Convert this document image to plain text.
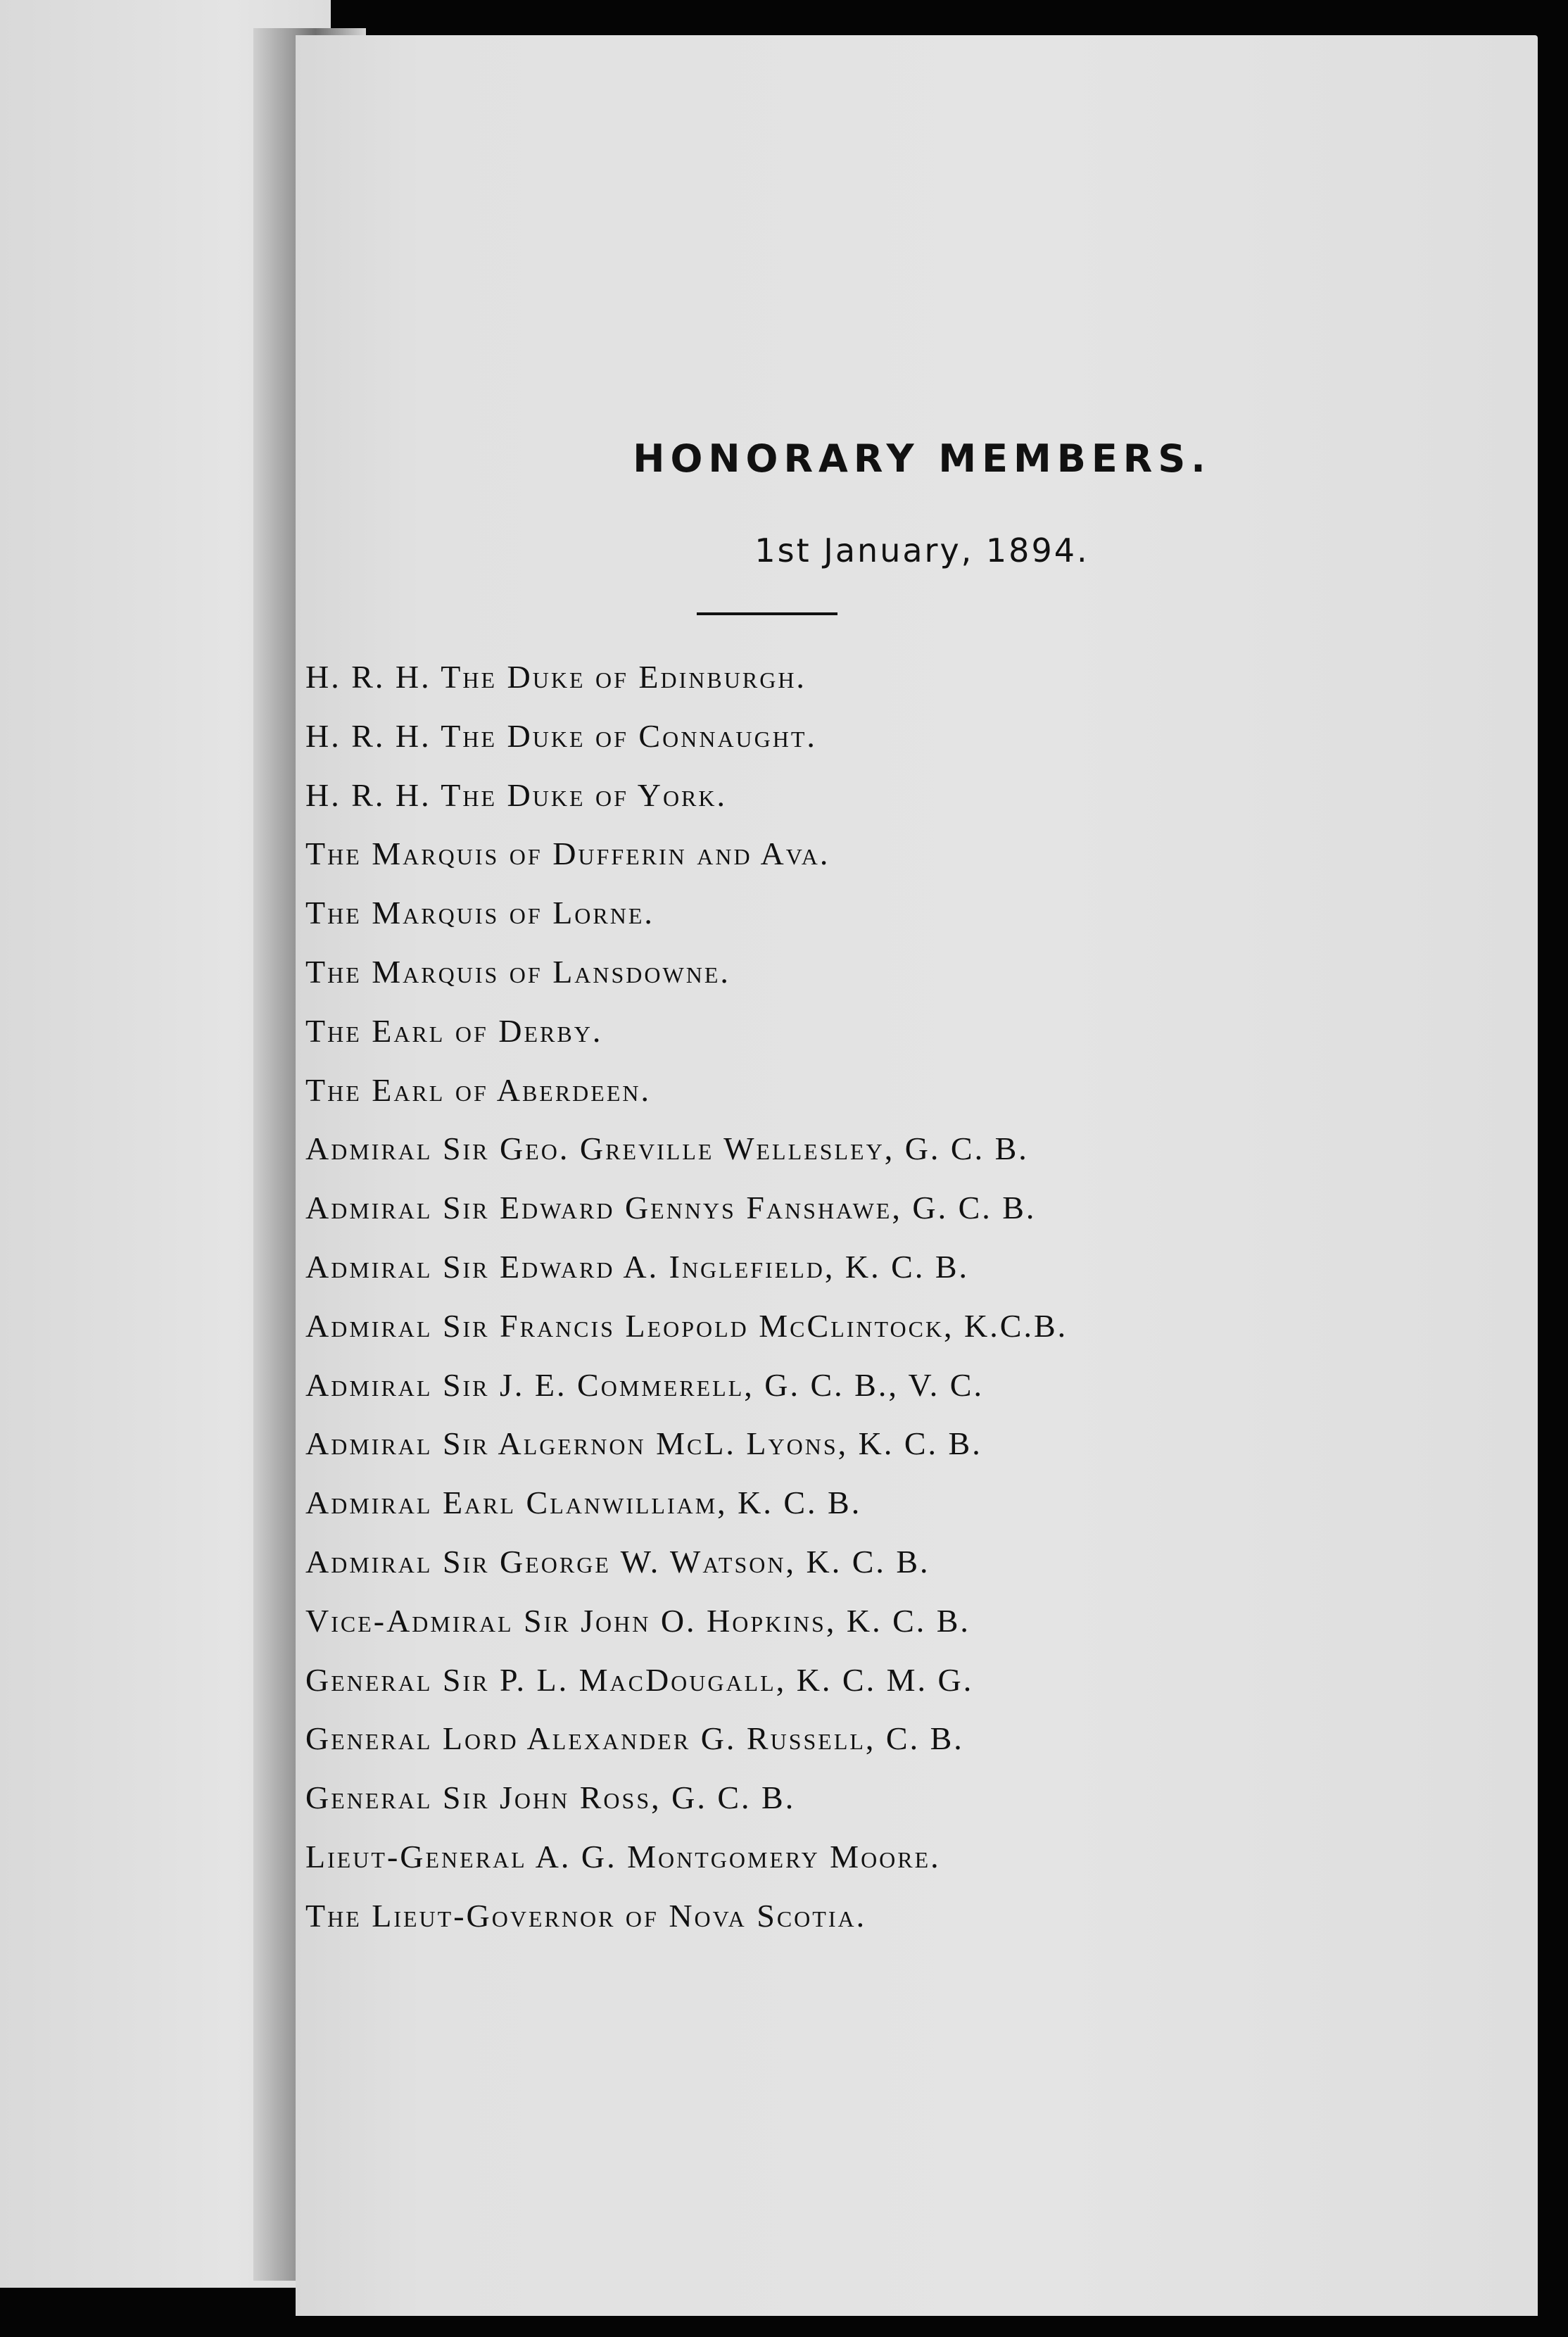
HONORARY MEMBERS.

1st January, 1894.

H. R. H. The Duke of Edinburgh.
H. R. H. The Duke of Connaught.
H. R. H. The Duke of York.
The Marquis of Dufferin and Ava.
The Marquis of Lorne.
The Marquis of Lansdowne.
The Earl of Derby.
The Earl of Aberdeen.
Admiral Sir Geo. Greville Wellesley, G. C. B.
Admiral Sir Edward Gennys Fanshawe, G. C. B.
Admiral Sir Edward A. Inglefield, K. C. B.
Admiral Sir Francis Leopold McClintock, K.C.B.
Admiral Sir J. E. Commerell, G. C. B., V. C.
Admiral Sir Algernon McL. Lyons, K. C. B.
Admiral Earl Clanwilliam, K. C. B.
Admiral Sir George W. Watson, K. C. B.
Vice-Admiral Sir John O. Hopkins, K. C. B.
General Sir P. L. MacDougall, K. C. M. G.
General Lord Alexander G. Russell, C. B.
General Sir John Ross, G. C. B.
Lieut-General A. G. Montgomery Moore.
The Lieut-Governor of Nova Scotia.
